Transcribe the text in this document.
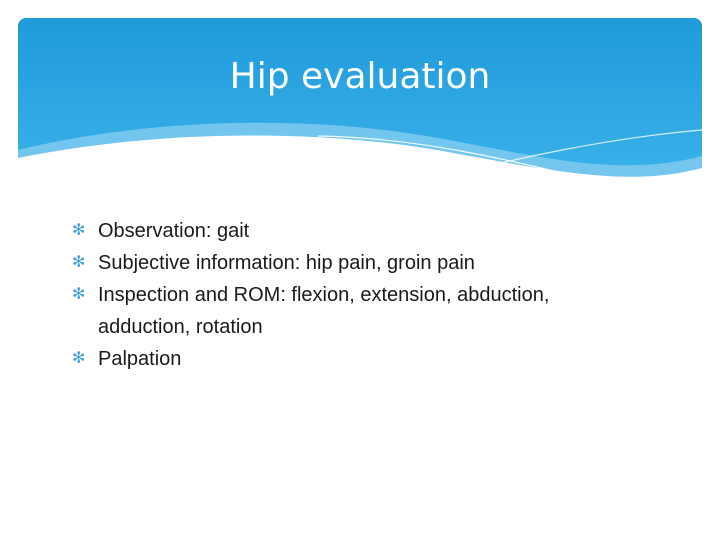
Hip evaluation
✻ Observation: gait
✻ Subjective information: hip pain, groin pain
✻ Inspection and ROM: flexion, extension, abduction,
adduction, rotation
✻ Palpation
